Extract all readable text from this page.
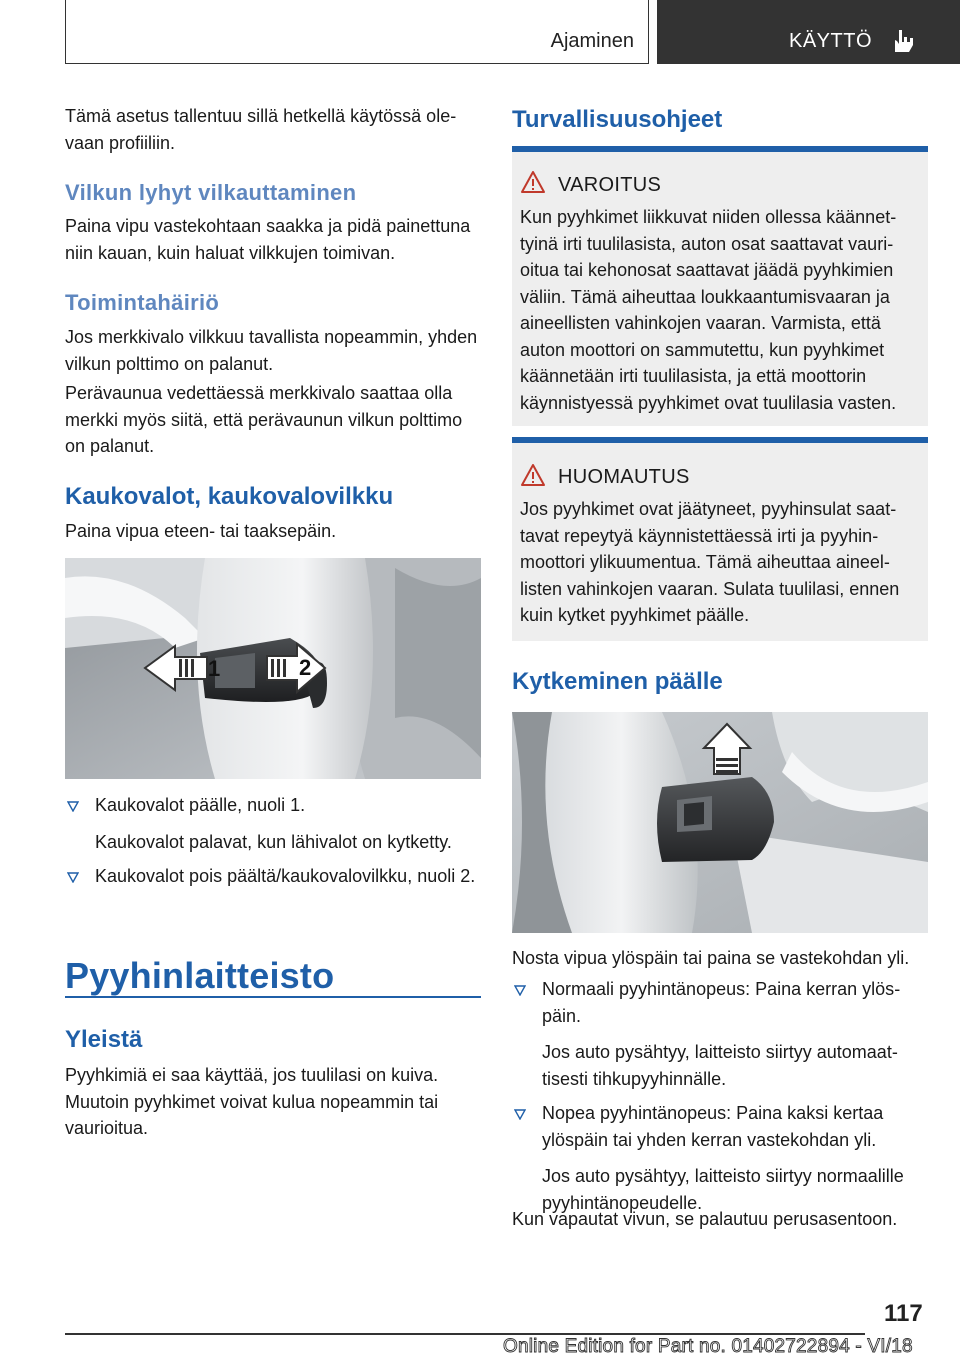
Ajaminen	KÄYTTÖ

Tämä asetus tallentuu sillä hetkellä käytössä olevaan profiiliin.

Vilkun lyhyt vilkauttaminen

Paina vipu vastekohtaan saakka ja pidä painettuna niin kauan, kuin haluat vilkkujen toimivan.

Toimintahäiriö

Jos merkkivalo vilkkuu tavallista nopeammin, yhden vilkun polttimo on palanut.

Perävaunua vedettäessä merkkivalo saattaa olla merkki myös siitä, että perävaunun vilkun polttimo on palanut.

Kaukovalot, kaukovalovilkku

Paina vipua eteen- tai taaksepäin.

1	2
Kaukovalot päälle, nuoli 1.
Kaukovalot palavat, kun lähivalot on kytketty.
Kaukovalot pois päältä/kaukovalovilkku, nuoli 2.
Pyyhinlaitteisto
Yleistä

Pyyhkimiä ei saa käyttää, jos tuulilasi on kuiva. Muutoin pyyhkimet voivat kulua nopeammin tai vaurioitua.

Turvallisuusohjeet
VAROITUS
Kun pyyhkimet liikkuvat niiden ollessa käännettyinä irti tuulilasista, auton osat saattavat vaurioitua tai kehonosat saattavat jäädä pyyhkimien väliin. Tämä aiheuttaa loukkaantumisvaaran ja aineellisten vahinkojen vaaran. Varmista, että auton moottori on sammutettu, kun pyyhkimet käännetään irti tuulilasista, ja että moottorin käynnistyessä pyyhkimet ovat tuulilasia vasten.
HUOMAUTUS
Jos pyyhkimet ovat jäätyneet, pyyhinsulat saattavat repeytyä käynnistettäessä irti ja pyyhinmoottori ylikuumentua. Tämä aiheuttaa aineellisten vahinkojen vaaran. Sulata tuulilasi, ennen kuin kytket pyyhkimet päälle.
Kytkeminen päälle

Nosta vipua ylöspäin tai paina se vastekohdan yli.

Normaali pyyhintänopeus: Paina kerran ylöspäin.
Jos auto pysähtyy, laitteisto siirtyy automaattisesti tihkupyyhinnälle.
Nopea pyyhintänopeus: Paina kaksi kertaa ylöspäin tai yhden kerran vastekohdan yli.
Jos auto pysähtyy, laitteisto siirtyy normaalille pyyhintänopeudelle.

Kun vapautat vivun, se palautuu perusasentoon.

117
Online Edition for Part no. 01402722894 - VI/18
